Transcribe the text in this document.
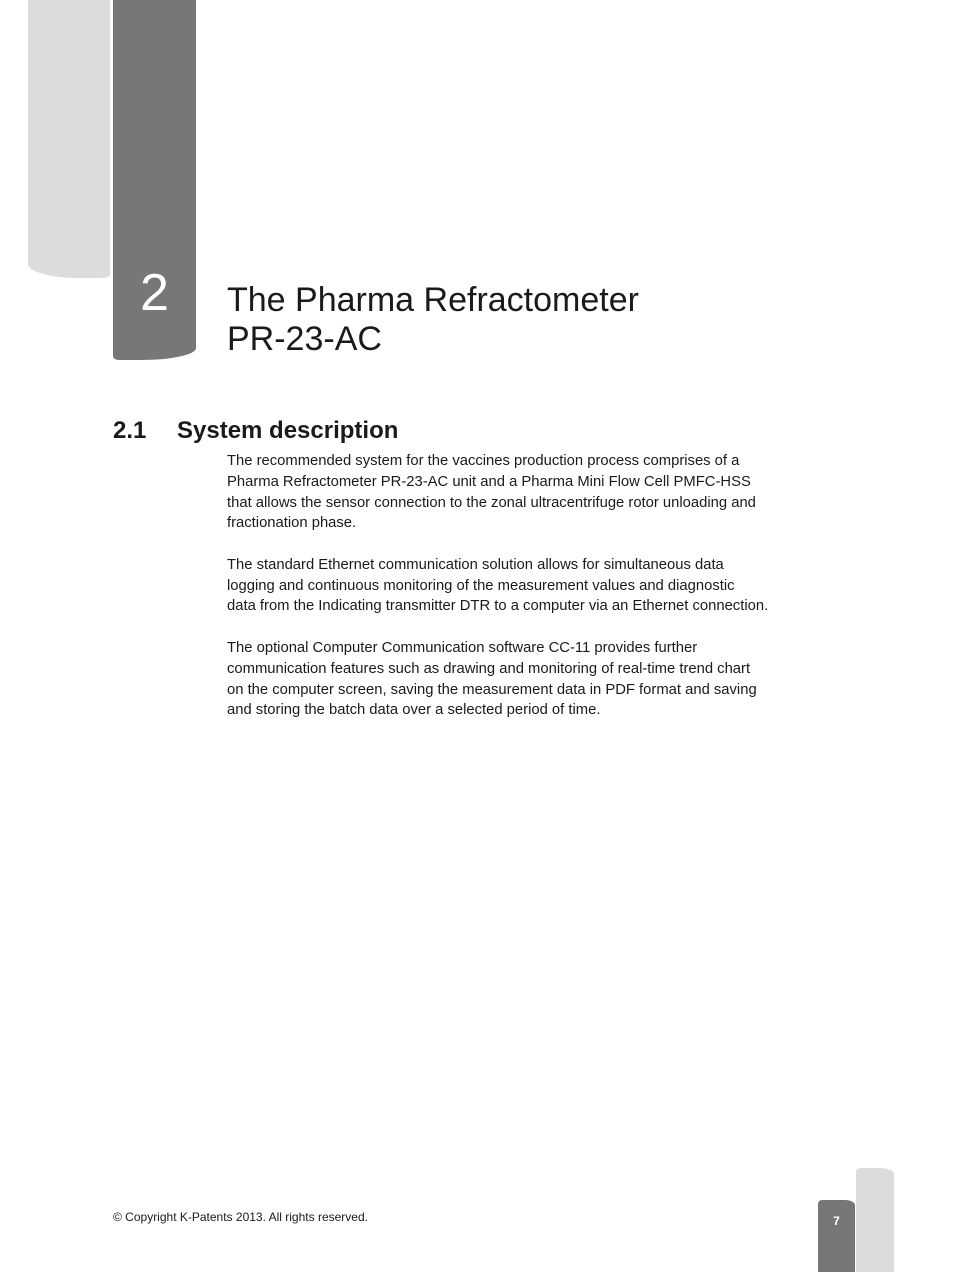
2	The Pharma Refractometer
PR-23-AC
2.1 System description

The recommended system for the vaccines production process comprises of a
Pharma Refractometer PR-23-AC unit and a Pharma Mini Flow Cell PMFC-HSS
that allows the sensor connection to the zonal ultracentrifuge rotor unloading and
fractionation phase.

The standard Ethernet communication solution allows for simultaneous data
logging and continuous monitoring of the measurement values and diagnostic
data from the Indicating transmitter DTR to a computer via an Ethernet connection.

The optional Computer Communication software CC-11 provides further
communication features such as drawing and monitoring of real-time trend chart
on the computer screen, saving the measurement data in PDF format and saving
and storing the batch data over a selected period of time.

© Copyright K-Patents 2013. All rights reserved.	7
